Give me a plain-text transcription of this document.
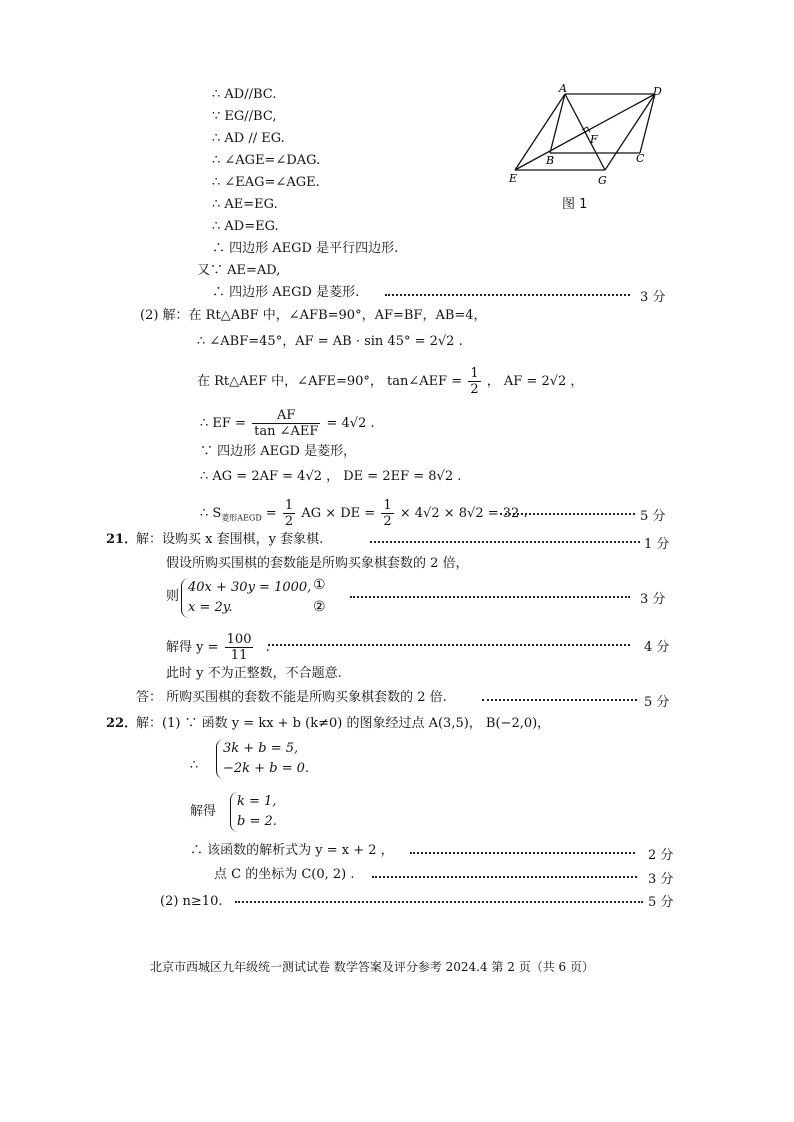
∴ AD//BC.
∵ EG//BC,
∴ AD // EG.
∴ ∠AGE=∠DAG.
∴ ∠EAG=∠AGE.
∴ AE=EG.
∴ AD=EG.
∴ 四边形 AEGD 是平行四边形.
又∵ AE=AD,
∴ 四边形 AEGD 是菱形.	3 分
A	D
B	C
E	G
F
图 1
(2) 解：在 Rt△ABF 中，∠AFB=90°，AF=BF，AB=4，
∴ ∠ABF=45°，AF = AB · sin 45° = 2√2 .
在 Rt△AEF 中，∠AFE=90°， tan∠AEF = $\frac{1}{2}$ ， AF = 2√2 ，
∴ EF = $\frac{AF}{\text{tan ∠AEF}} = 4√2$ .
∵ 四边形 AEGD 是菱形，
∴ AG = 2AF = 4√2 ， DE = 2EF = 8√2 .
∴ $S_{菱形AEGD} = \frac{1}{2}$ AG × DE = $\frac{1}{2} \times 4√2 \times 8√2 = 32$ .	5 分
21．
解：设购买 x 套围棋，y 套象棋.	1 分
假设所购买围棋的套数能是所购买象棋套数的 2 倍，
则
40x + 30y = 1000,
x = 2y.
①
②	3 分
解得 $y = \frac{100}{11}$ .	4 分
此时 y 不为正整数，不合题意.
答： 所购买围棋的套数不能是所购买象棋套数的 2 倍.	5 分
22．
解：(1) ∵ 函数 y = kx + b (k≠0) 的图象经过点 A(3,5)， B(−2,0)，
∴
3k + b = 5,
−2k + b = 0.
解得
k = 1,
b = 2.
∴ 该函数的解析式为 y = x + 2 ，	2 分
点 C 的坐标为 C(0, 2) .	3 分
(2) n≥10.	5 分
北京市西城区九年级统一测试试卷 数学答案及评分参考 2024.4 第 2 页（共 6 页）
